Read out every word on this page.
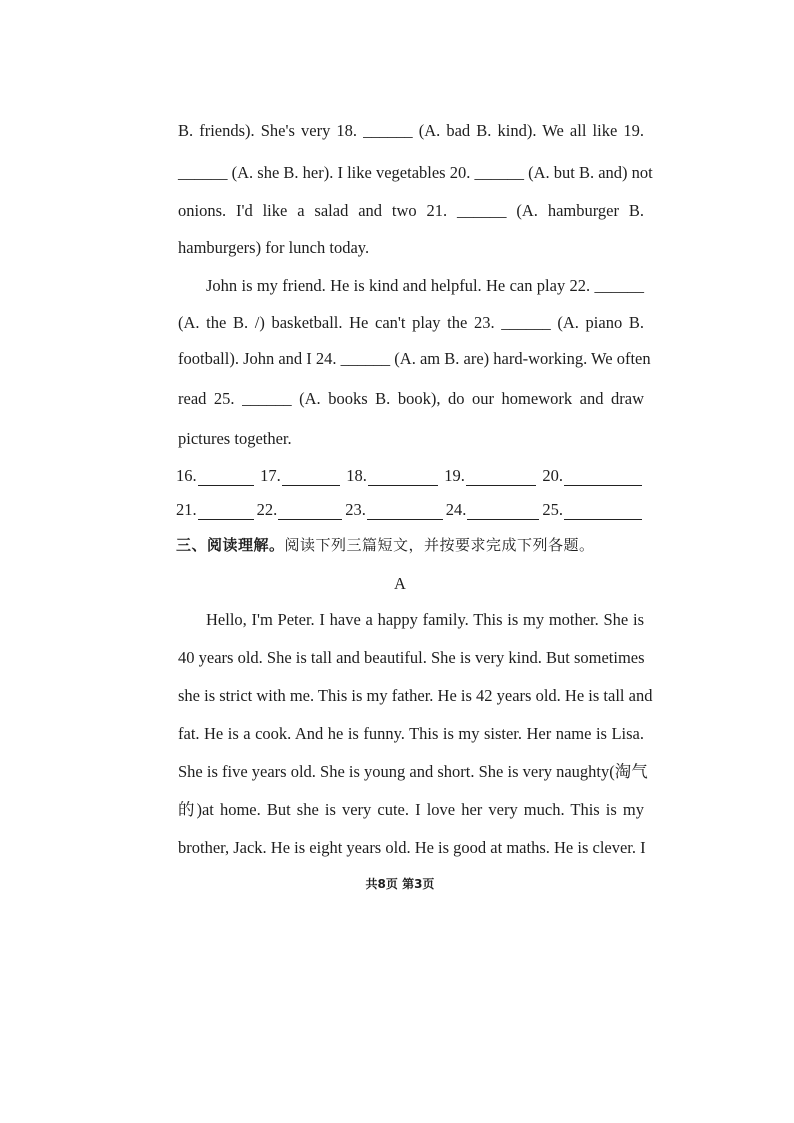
B. friends). She's very 18. ______ (A. bad B. kind). We all like 19.
______ (A. she B. her). I like vegetables 20. ______ (A. but B. and) not
onions. I'd like a salad and two 21. ______ (A. hamburger B.
hamburgers) for lunch today.
John is my friend. He is kind and helpful. He can play 22. ______
(A. the B. /) basketball. He can't play the 23. ______ (A. piano B.
football). John and I 24. ______ (A. am B. are) hard-working. We often
read 25. ______ (A. books B. book), do our homework and draw
pictures together.
16.	17.	18.	19.	20.
21.	22.	23.	24.	25.
三、阅读理解。阅读下列三篇短文，并按要求完成下列各题。
A
Hello, I'm Peter. I have a happy family. This is my mother. She is
40 years old. She is tall and beautiful. She is very kind. But sometimes
she is strict with me. This is my father. He is 42 years old. He is tall and
fat. He is a cook. And he is funny. This is my sister. Her name is Lisa.
She is five years old. She is young and short. She is very naughty(淘气
的)at home. But she is very cute. I love her very much. This is my
brother, Jack. He is eight years old. He is good at maths. He is clever. I
共8页 第3页
